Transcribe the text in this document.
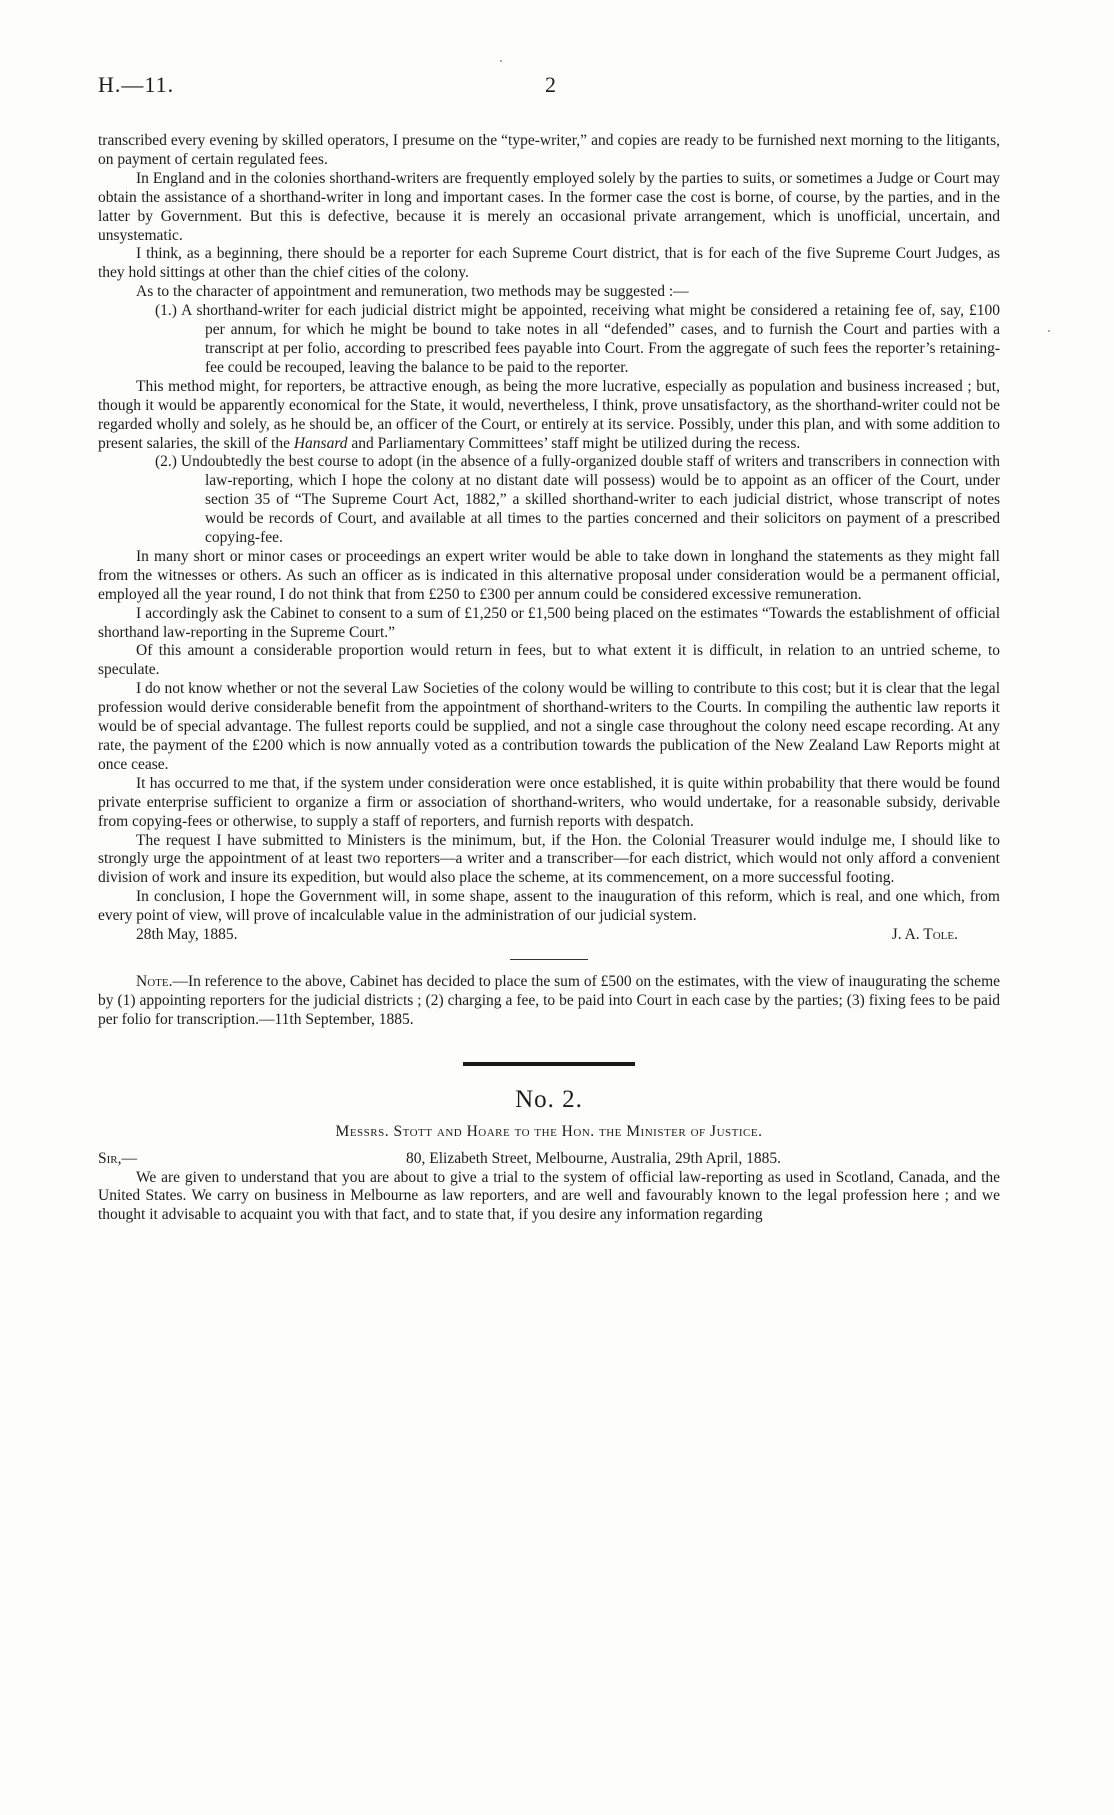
H.—11.	2

transcribed every evening by skilled operators, I presume on the “type-writer,” and copies are ready to be furnished next morning to the litigants, on payment of certain regulated fees.

In England and in the colonies shorthand-writers are frequently employed solely by the parties to suits, or sometimes a Judge or Court may obtain the assistance of a shorthand-writer in long and important cases. In the former case the cost is borne, of course, by the parties, and in the latter by Government. But this is defective, because it is merely an occasional private arrangement, which is unofficial, uncertain, and unsystematic.

I think, as a beginning, there should be a reporter for each Supreme Court district, that is for each of the five Supreme Court Judges, as they hold sittings at other than the chief cities of the colony.

As to the character of appointment and remuneration, two methods may be suggested :—

(1.) A shorthand-writer for each judicial district might be appointed, receiving what might be considered a retaining fee of, say, £100 per annum, for which he might be bound to take notes in all “defended” cases, and to furnish the Court and parties with a transcript at per folio, according to prescribed fees payable into Court. From the aggregate of such fees the reporter’s retaining-fee could be recouped, leaving the balance to be paid to the reporter.

This method might, for reporters, be attractive enough, as being the more lucrative, especially as population and business increased ; but, though it would be apparently economical for the State, it would, nevertheless, I think, prove unsatisfactory, as the shorthand-writer could not be regarded wholly and solely, as he should be, an officer of the Court, or entirely at its service. Possibly, under this plan, and with some addition to present salaries, the skill of the Hansard and Parliamentary Committees’ staff might be utilized during the recess.

(2.) Undoubtedly the best course to adopt (in the absence of a fully-organized double staff of writers and transcribers in connection with law-reporting, which I hope the colony at no distant date will possess) would be to appoint as an officer of the Court, under section 35 of “The Supreme Court Act, 1882,” a skilled shorthand-writer to each judicial district, whose transcript of notes would be records of Court, and available at all times to the parties concerned and their solicitors on payment of a prescribed copying-fee.

In many short or minor cases or proceedings an expert writer would be able to take down in longhand the statements as they might fall from the witnesses or others. As such an officer as is indicated in this alternative proposal under consideration would be a permanent official, employed all the year round, I do not think that from £250 to £300 per annum could be considered excessive remuneration.

I accordingly ask the Cabinet to consent to a sum of £1,250 or £1,500 being placed on the estimates “Towards the establishment of official shorthand law-reporting in the Supreme Court.”

Of this amount a considerable proportion would return in fees, but to what extent it is difficult, in relation to an untried scheme, to speculate.

I do not know whether or not the several Law Societies of the colony would be willing to contribute to this cost; but it is clear that the legal profession would derive considerable benefit from the appointment of shorthand-writers to the Courts. In compiling the authentic law reports it would be of special advantage. The fullest reports could be supplied, and not a single case throughout the colony need escape recording. At any rate, the payment of the £200 which is now annually voted as a contribution towards the publication of the New Zealand Law Reports might at once cease.

It has occurred to me that, if the system under consideration were once established, it is quite within probability that there would be found private enterprise sufficient to organize a firm or association of shorthand-writers, who would undertake, for a reasonable subsidy, derivable from copying-fees or otherwise, to supply a staff of reporters, and furnish reports with despatch.

The request I have submitted to Ministers is the minimum, but, if the Hon. the Colonial Treasurer would indulge me, I should like to strongly urge the appointment of at least two reporters—a writer and a transcriber—for each district, which would not only afford a convenient division of work and insure its expedition, but would also place the scheme, at its commencement, on a more successful footing.

In conclusion, I hope the Government will, in some shape, assent to the inauguration of this reform, which is real, and one which, from every point of view, will prove of incalculable value in the administration of our judicial system.

28th May, 1885.	J. A. Tole.

Note.—In reference to the above, Cabinet has decided to place the sum of £500 on the estimates, with the view of inaugurating the scheme by (1) appointing reporters for the judicial districts ; (2) charging a fee, to be paid into Court in each case by the parties; (3) fixing fees to be paid per folio for transcription.—11th September, 1885.

No. 2.
Messrs. Stott and Hoare to the Hon. the Minister of Justice.
Sir,—	80, Elizabeth Street, Melbourne, Australia, 29th April, 1885.

We are given to understand that you are about to give a trial to the system of official law-reporting as used in Scotland, Canada, and the United States. We carry on business in Melbourne as law reporters, and are well and favourably known to the legal profession here ; and we thought it advisable to acquaint you with that fact, and to state that, if you desire any information regarding
